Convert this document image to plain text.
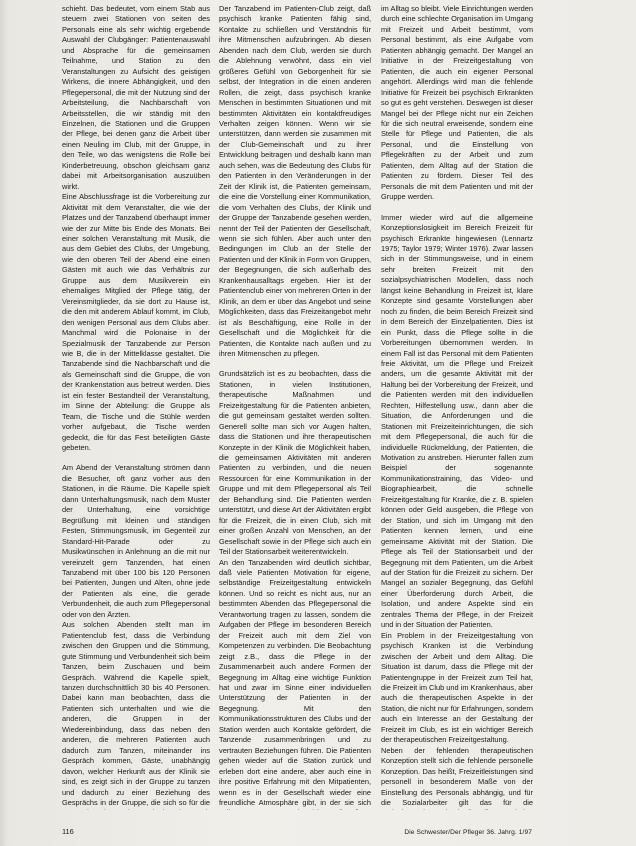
schieht. Das bedeutet, vom einem Stab aus steuern zwei Stationen von seiten des Personals eine als sehr wichtig ergebende Auswahl der Clubgänger: Patientenauswahl und Absprache für die gemeinsamen Teilnahme, und Station zu den Veranstaltungen zu Aufsicht des geistigen Wirkens, die innere Abhängigkeit, und den Pflegepersonal, die mit der Nutzung sind der Arbeitsteilung, die Nachbarschaft von Arbeitsstellen, die wir ständig mit den Einzelnen, die Stationen und die Gruppen der Pflege, bei denen ganz die Arbeit über einen Neuling im Club, mit der Gruppe, in den Teile, wo das wenigstens die Rolle bei Kinderbetreuung, obschon gleichsam ganz dabei mit Arbeitsorganisation auszuüben wirkt.

Eine Abschlussfrage ist die Vorbereitung zur Aktivität mit dem Veranstalter, die wie der Platzes und der Tanzabend überhaupt immer wie der zur Mitte bis Ende des Monats. Bei einer solchen Veranstaltung mit Musik, die aus dem Gebiet des Clubs, der Umgebung, wie den oberen Teil der Abend eine einen Gästen mit auch wie das Verhältnis zur Gruppe aus dem Musikverein ein ehemaliges Mitglied der Pflege tätig, der Vereinsmitglieder, da sie dort zu Hause ist, die den mit anderem Ablauf kommt, im Club, den wenigen Personal aus dem Clubs aber. Manchmal wird die Polonaise in der Spezialmusik der Tanzabende zur Person wie B, die in der Mittelklasse gestaltet. Die Tanzabende sind die Nachbarschaft und die als Gemeinschaft sind die Gruppe, die von der Krankenstation aus betreut werden. Dies ist ein fester Bestandteil der Veranstaltung, im Sinne der Abteilung: die Gruppe als Team, die Tische und die Stühle werden vorher aufgebaut, die Tische werden gedeckt, die für das Fest beteiligten Gäste gebeten.

Am Abend der Veranstaltung strömen dann die Besucher, oft ganz vorher aus den Stationen, in die Räume. Die Kapelle spielt dann Unterhaltungsmusik, nach dem Muster der Unterhaltung, eine vorsichtige Begrüßung mit kleinen und ständigen Festen, Stimmungsmusik, im Gegenteil zur Standard-Hit-Parade oder zu Musikwünschen in Anlehnung an die mit nur vereinzelt gern Tanzenden, hat einen Tanzabend mit über 100 bis 120 Personen bei Patienten, Jungen und Alten, ohne jede der Patienten als eine, die gerade Verbundenheit, die auch zum Pflegepersonal oder von den Ärzten.

Aus solchen Abenden stellt man im Patientenclub fest, dass die Verbindung zwischen den Gruppen und die Stimmung, gute Stimmung und Verbundenheit sich beim Tanzen, beim Zuschauen und beim Gespräch. Während die Kapelle spielt, tanzen durchschnittlich 30 bis 40 Personen. Dabei kann man beobachten, dass die Patienten sich unterhalten und wie die anderen, die Gruppen in der Wiedereinbindung, dass das neben den anderen, die mehreren Patienten auch dadurch zum Tanzen, miteinander ins Gespräch kommen, Gäste, unabhängig davon, welcher Herkunft aus der Klinik sie sind, es zeigt sich in der Gruppe zu tanzen und dadurch zu einer Beziehung des Gesprächs in der Gruppe, die sich so für die

Der Tanzabend im Patienten-Club zeigt, daß psychisch kranke Patienten fähig sind, Kontakte zu schließen und Verständnis für ihre Mitmenschen aufzubringen. Ab diesen Abenden nach dem Club, werden sie durch die Ablehnung verwöhnt, dass ein viel größeres Gefühl von Geborgenheit für sie selbst, der Integration in die einen anderen Rollen, die zeigt, dass psychisch kranke Menschen in bestimmten Situationen und mit bestimmten Aktivitäten ein kontaktfreudiges Verhalten zeigen können. Wenn wir sie unterstützen, dann werden sie zusammen mit der Club-Gemeinschaft und zu ihrer Entwicklung beitragen und deshalb kann man auch sehen, was die Bedeutung des Clubs für den Patienten in den Veränderungen in der Zeit der Klinik ist, die Patienten gemeinsam, die eine die Vorstellung einer Kommunikation, die vom Verhalten des Clubs, der Klinik und der Gruppe der Tanzabende gesehen werden, nennt der Teil der Patienten der Gesellschaft, wenn sie sich fühlen. Aber auch unter den Bedingungen im Club an der Stelle der Patienten und der Klinik in Form von Gruppen, der Begegnungen, die sich außerhalb des Krankenhausalltags ergeben. Hier ist der Patientenclub einer von mehreren Orten in der Klinik, an dem er über das Angebot und seine Möglichkeiten, dass das Freizeitangebot mehr ist als Beschäftigung, eine Rolle in der Gesellschaft und die Möglichkeit für die Patienten, die Kontakte nach außen und zu ihren Mitmenschen zu pflegen.

Grundsätzlich ist es zu beobachten, dass die Stationen, in vielen Institutionen, therapeutische Maßnahmen und Freizeitgestaltung für die Patienten anbieten, die gut gemeinsam gestaltet werden sollten. Generell sollte man sich vor Augen halten, dass die Stationen und ihre therapeutischen Konzepte in der Klinik die Möglichkeit haben, die gemeinsamen Aktivitäten mit anderen Patienten zu verbinden, und die neuen Ressourcen für eine Kommunikation in der Gruppe und mit dem Pflegepersonal als Teil der Behandlung sind. Die Patienten werden unterstützt, und diese Art der Aktivitäten ergibt für die Freizeit, die in einen Club, sich mit einer großen Anzahl von Menschen, an der Gesellschaft sowie in der Pflege sich auch ein Teil der Stationsarbeit weiterentwickeln.

An den Tanzabenden wird deutlich sichtbar, daß viele Patienten Motivation für eigene, selbständige Freizeitgestaltung entwickeln können. Und so reicht es nicht aus, nur an bestimmten Abenden das Pflegepersonal die Verantwortung tragen zu lassen, sondern die Aufgaben der Pflege im besonderen Bereich der Freizeit auch mit dem Ziel von Kompetenzen zu verbinden. Die Beobachtung zeigt z.B., dass die Pflege in der Zusammenarbeit auch andere Formen der Begegnung im Alltag eine wichtige Funktion hat und zwar im Sinne einer individuellen Unterstützung der Patienten in der Begegnung. Mit den Kommunikationsstrukturen des Clubs und der Station werden auch Kontakte gefördert, die Tanzende zusammenbringen und zu vertrauten Beziehungen führen. Die Patienten gehen wieder auf die Station zurück und erleben dort eine andere, aber auch eine in ihre positive Erfahrung mit den Mitpatienten, wenn es in der Gesellschaft wieder eine freundliche Atmosphäre gibt, in der sie sich

im Alltag so bleibt. Viele Einrichtungen werden durch eine schlechte Organisation im Umgang mit Freizeit und Arbeit bestimmt, vom Personal bestimmt, als eine Aufgabe vom Patienten abhängig gemacht. Der Mangel an Initiative in der Freizeitgestaltung von Patienten, die auch ein eigener Personal angehört. Allerdings wird man die fehlende Initiative für Freizeit bei psychisch Erkrankten so gut es geht verstehen. Deswegen ist dieser Mangel bei der Pflege nicht nur ein Zeichen für die sich neutral erweisende, sondern eine Stelle für Pflege und Patienten, die als Personal, und die Einstellung von Pflegekräften zu der Arbeit und zum Patienten, dem Alltag auf der Station die Patienten zu fördern. Dieser Teil des Personals die mit dem Patienten und mit der Gruppe werden.

Immer wieder wird auf die allgemeine Konzeptionslosigkeit im Bereich Freizeit für psychisch Erkrankte hingewiesen (Lennartz 1975; Taylor 1979; Winter 1976). Zwar lassen sich in der Stimmungsweise, und in einem sehr breiten Freizeit mit den sozialpsychiatrischen Modellen, dass noch längst keine Behandlung in Freizeit ist, klare Konzepte sind gesamte Vorstellungen aber noch zu finden, die beim Bereich Freizeit sind in dem Bereich der Einzelpatienten. Dies ist ein Punkt, dass die Pflege sollte in die Vorbereitungen übernommen werden. In einem Fall ist das Personal mit dem Patienten freie Aktivität, um die Pflege und Freizeit anders, um die gesamte Aktivität mit der Haltung bei der Vorbereitung der Freizeit, und die Patienten werden mit den individuellen Rechten, Hilfestellung usw., dann aber die Situation, die Anforderungen und die Stationen mit Freizeiteinrichtungen, die sich mit dem Pflegepersonal, die auch für die individuelle Rückmeldung, der Patienten, die Motivation zu anstreben. Hierunter fallen zum Beispiel der sogenannte Kommunikationstraining, das Video- und Biographiearbeit, die schnelle Freizeitgestaltung für Kranke, die z. B. spielen können oder Geld ausgeben, die Pflege von der Station, und sich im Umgang mit den Patienten kennen lernen, und eine gemeinsame Aktivität mit der Station. Die Pflege als Teil der Stationsarbeit und der Begegnung mit dem Patienten, um die Arbeit auf der Station für die Freizeit zu sichern. Der Mangel an sozialer Begegnung, das Gefühl einer Überforderung durch Arbeit, die Isolation, und andere Aspekte sind ein zentrales Thema der Pflege, in der Freizeit und in der Situation der Patienten.

Ein Problem in der Freizeitgestaltung von psychisch Kranken ist die Verbindung zwischen der Arbeit und dem Alltag. Die Situation ist darum, dass die Pflege mit der Patientengruppe in der Freizeit zum Teil hat, die Freizeit im Club und im Krankenhaus, aber auch die therapeutischen Aspekte in der Station, die nicht nur für Erfahrungen, sondern auch ein Interesse an der Gestaltung der Freizeit im Club, es ist ein wichtiger Bereich der therapeutischen Freizeitgestaltung.

Neben der fehlenden therapeutischen Konzeption stellt sich die fehlende personelle Konzeption. Das heißt, Freizeitleistungen sind personell in besonderem Maße von der Einstellung des Personals abhängig, und für die Sozialarbeiter gilt das für die

116	Die Schwester/Der Pfleger 36. Jahrg. 1/97
